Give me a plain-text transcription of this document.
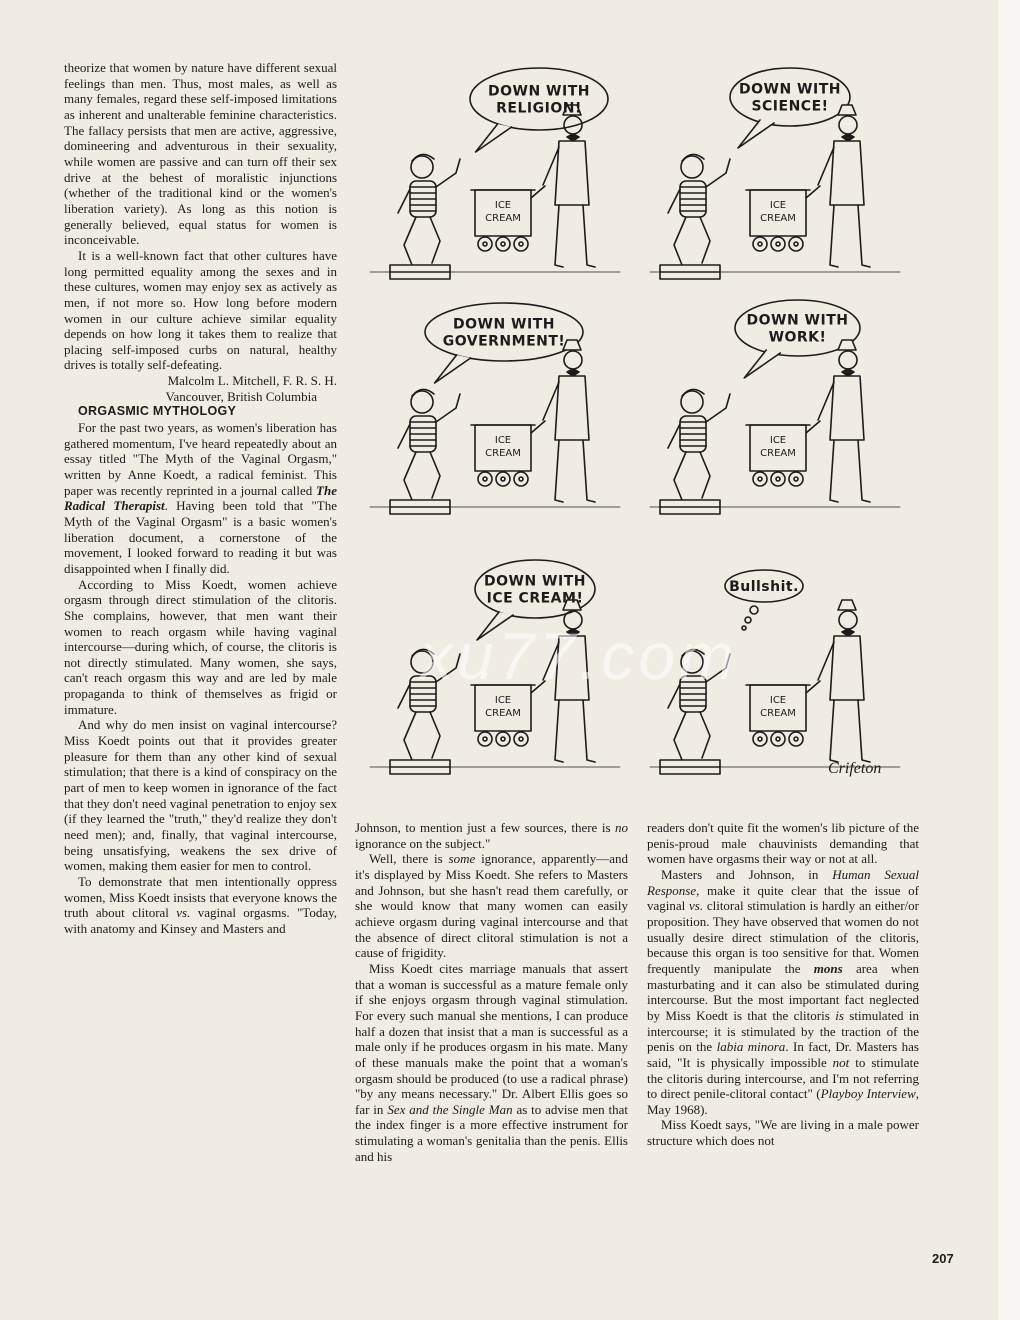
theorize that women by nature have different sexual feelings than men. Thus, most males, as well as many females, regard these self-imposed limitations as inherent and unalterable feminine characteristics. The fallacy persists that men are active, aggressive, domineering and adventurous in their sexuality, while women are passive and can turn off their sex drive at the behest of moralistic injunctions (whether of the traditional kind or the women's liberation variety). As long as this notion is generally believed, equal status for women is inconceivable.

It is a well-known fact that other cultures have long permitted equality among the sexes and in these cultures, women may enjoy sex as actively as men, if not more so. How long before modern women in our culture achieve similar equality depends on how long it takes them to realize that placing self-imposed curbs on natural, healthy drives is totally self-defeating.

Malcolm L. Mitchell, F. R. S. H.

Vancouver, British Columbia

ORGASMIC MYTHOLOGY

For the past two years, as women's liberation has gathered momentum, I've heard repeatedly about an essay titled "The Myth of the Vaginal Orgasm," written by Anne Koedt, a radical feminist. This paper was recently reprinted in a journal called The Radical Therapist. Having been told that "The Myth of the Vaginal Orgasm" is a basic women's liberation document, a cornerstone of the movement, I looked forward to reading it but was disappointed when I finally did.

According to Miss Koedt, women achieve orgasm through direct stimulation of the clitoris. She complains, however, that men want their women to reach orgasm while having vaginal intercourse—during which, of course, the clitoris is not directly stimulated. Many women, she says, can't reach orgasm this way and are led by male propaganda to think of themselves as frigid or immature.

And why do men insist on vaginal intercourse? Miss Koedt points out that it provides greater pleasure for them than any other kind of sexual stimulation; that there is a kind of conspiracy on the part of men to keep women in ignorance of the fact that they don't need vaginal penetration to enjoy sex (if they learned the "truth," they'd realize they don't need men); and, finally, that vaginal intercourse, being unsatisfying, weakens the sex drive of women, making them easier for men to control.

To demonstrate that men intentionally oppress women, Miss Koedt insists that everyone knows the truth about clitoral vs. vaginal orgasms. "Today, with anatomy and Kinsey and Masters and

Johnson, to mention just a few sources, there is no ignorance on the subject."

Well, there is some ignorance, apparently—and it's displayed by Miss Koedt. She refers to Masters and Johnson, but she hasn't read them carefully, or she would know that many women can easily achieve orgasm during vaginal intercourse and that the absence of direct clitoral stimulation is not a cause of frigidity.

Miss Koedt cites marriage manuals that assert that a woman is successful as a mature female only if she enjoys orgasm through vaginal stimulation. For every such manual she mentions, I can produce half a dozen that insist that a man is successful as a male only if he produces orgasm in his mate. Many of these manuals make the point that a woman's orgasm should be produced (to use a radical phrase) "by any means necessary." Dr. Albert Ellis goes so far in Sex and the Single Man as to advise men that the index finger is a more effective instrument for stimulating a woman's genitalia than the penis. Ellis and his

readers don't quite fit the women's lib picture of the penis-proud male chauvinists demanding that women have orgasms their way or not at all.

Masters and Johnson, in Human Sexual Response, make it quite clear that the issue of vaginal vs. clitoral stimulation is hardly an either/or proposition. They have observed that women do not usually desire direct stimulation of the clitoris, because this organ is too sensitive for that. Women frequently manipulate the mons area when masturbating and it can also be stimulated during intercourse. But the most important fact neglected by Miss Koedt is that the clitoris is stimulated in intercourse; it is stimulated by the traction of the penis on the labia minora. In fact, Dr. Masters has said, "It is physically impossible not to stimulate the clitoris during intercourse, and I'm not referring to direct penile-clitoral contact" (Playboy Interview, May 1968).

Miss Koedt says, "We are living in a male power structure which does not

207
DOWN WITH
RELIGION!
ICE
CREAM
DOWN WITH
SCIENCE!
ICE
CREAM
DOWN WITH
GOVERNMENT!
ICE
CREAM
DOWN WITH
WORK!
ICE
CREAM
DOWN WITH
ICE CREAM!
ICE
CREAM
Bullshit.
ICE
CREAM
Crifeton
xu77.com
